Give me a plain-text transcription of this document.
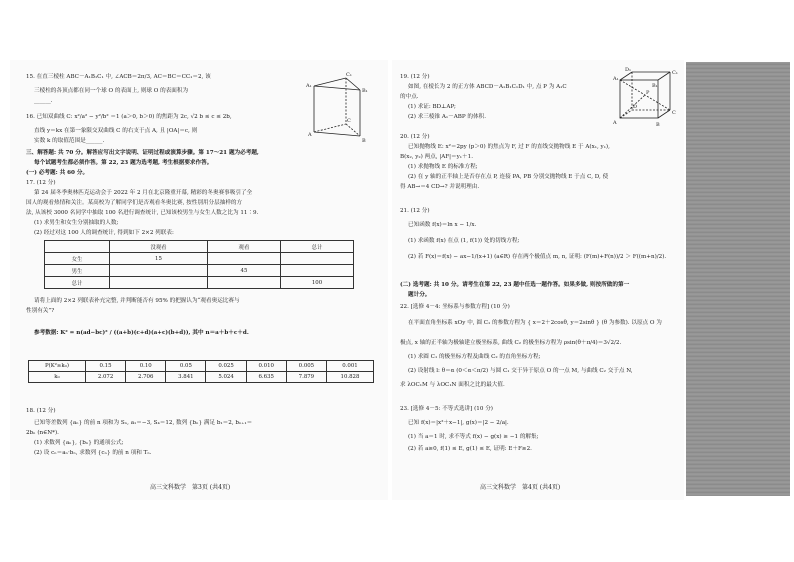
15. 在直三棱柱 ABC－A₁B₁C₁ 中, ∠ACB＝2π/3, AC＝BC＝CC₁＝2, 该
三棱柱的各顶点都在同一个球 O 的表面上, 则球 O 的表面积为
______.
C₁
A₁
B₁
C
A
B
16. 已知双曲线 C: x²/a² − y²/b² ＝1 (a＞0, b＞0) 的焦距为 2c, √2 b ≤ c ≤ 2b,
直线 y＝kx 在第一象限交双曲线 C 的右支于点 A, 且 |OA|＝c, 则
实数 k 的取值范围是______.
三、解答题: 共 70 分。解答应写出文字说明、证明过程或演算步骤。第 17～21 题为必考题,
每个试题考生都必须作答。第 22, 23 题为选考题, 考生根据要求作答。
(一) 必考题: 共 60 分。
17. (12 分)
第 24 届冬季奥林匹克运动会于 2022 年 2 月在北京隆重开幕, 精彩的冬奥赛事吸引了全
国人的观看热情和关注。某高校为了解同学们是否观看冬奥比赛, 按性别用分层抽样的方
法, 从该校 3000 名同学中抽取 100 名进行调查统计, 已知该校男生与女生人数之比为 11∶9.
(1) 求男生和女生分别抽取的人数;
(2) 经过对这 100 人的调查统计, 得到如下 2×2 列联表:
	没观看	观看	总计
女生	15		
男生		45	
总计			100
请将上面的 2×2 列联表补充完整, 并判断能否有 95% 的把握认为“观看奥运比赛与
性别有关”?
参考数据: K² = n(ad−bc)² / ((a+b)(c+d)(a+c)(b+d)), 其中 n＝a＋b＋c＋d.
P(K²≥k₀)	0.15	0.10	0.05	0.025	0.010	0.005	0.001
k₀	2.072	2.706	3.841	5.024	6.635	7.879	10.828
18. (12 分)
已知等差数列 {aₙ} 的前 n 项和为 Sₙ, a₁＝−3, S₄＝12, 数列 {bₙ} 满足 b₁＝2, bₙ₊₁＝
2bₙ (n∈N*).
(1) 求数列 {aₙ}, {bₙ} 的通项公式;
(2) 设 cₙ＝aₙ·bₙ, 求数列 {cₙ} 的前 n 项和 Tₙ.
高三文科数学　第3页 (共4页)
19. (12 分)
如图, 在棱长为 2 的正方体 ABCD－A₁B₁C₁D₁ 中, 点 P 为 A₁C
的中点.
(1) 求证: BD⊥AP;
(2) 求三棱锥 A₁－ABP 的体积.
A₁
D₁
B₁
C₁
P
A
D
B
C
20. (12 分)
已知抛物线 E: x²＝2py (p＞0) 的焦点为 F, 过 F 的直线交抛物线 E 于 A(x₁, y₁),
B(x₂, y₂) 两点, |AF|＝y₁＋1.
(1) 求抛物线 E 的标准方程;
(2) 在 y 轴的正半轴上是否存在点 P, 连接 PA, PB 分别交抛物线 E 于点 C, D, 使
得 AB→＝4 CD→? 并说明理由.
21. (12 分)
已知函数 f(x)＝ln x − 1/x.
(1) 求函数 f(x) 在点 (1, f(1)) 处的切线方程;
(2) 若 F(x)＝f(x) − ax−1/(x+1) (a∈R) 存在两个极值点 m, n, 证明: (F(m)+F(n))/2 ＞ F((m+n)/2).
(二) 选考题: 共 10 分。请考生在第 22, 23 题中任选一题作答。如果多做, 则按所做的第一
题计分。
22. [选修 4－4: 坐标系与参数方程] (10 分)
在平面直角坐标系 xOy 中, 圆 C₁ 的参数方程为 { x＝2＋2cosθ, y＝2sinθ } (θ 为参数). 以原点 O 为
极点, x 轴的正半轴为极轴建立极坐标系, 曲线 C₂ 的极坐标方程为 ρsin(θ＋π/4)＝3√2/2.
(1) 求圆 C₁ 的极坐标方程及曲线 C₂ 的直角坐标方程;
(2) 设射线 l: θ＝α (0＜α＜π/2) 与圆 C₁ 交于异于原点 O 的一点 M, 与曲线 C₂ 交于点 N,
求 λOC₁M 与 λOC₁N 面积之比的最大值.
23. [选修 4－5: 不等式选讲] (10 分)
已知 f(x)＝|x²＋x−1|, g(x)＝|2 − 2/a|.
(1) 当 a＝1 时, 求不等式 f(x) − g(x) ≥ −1 的解集;
(2) 若 a≥0, f(1) ≤ E, g(1) ≤ E, 证明: E＋F≥2.
高三文科数学　第4页 (共4页)
